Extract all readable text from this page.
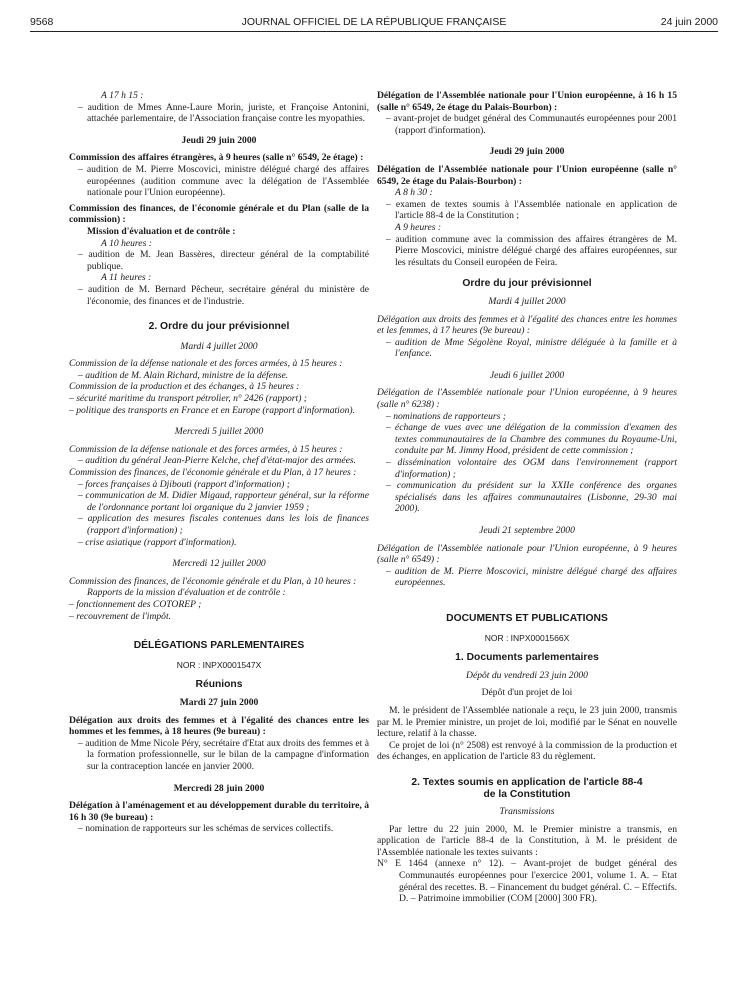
9568	JOURNAL OFFICIEL DE LA RÉPUBLIQUE FRANÇAISE	24 juin 2000

A 17 h 15 :

– audition de Mmes Anne-Laure Morin, juriste, et Françoise Antonini, attachée parlementaire, de l'Association française contre les myopathies.

Jeudi 29 juin 2000

Commission des affaires étrangères, à 9 heures (salle n° 6549, 2e étage) :

– audition de M. Pierre Moscovici, ministre délégué chargé des affaires européennes (audition commune avec la délégation de l'Assemblée nationale pour l'Union européenne).

Commission des finances, de l'économie générale et du Plan (salle de la commission) :

Mission d'évaluation et de contrôle :

A 10 heures :

– audition de M. Jean Bassères, directeur général de la comptabilité publique.

A 11 heures :

– audition de M. Bernard Pêcheur, secrétaire général du ministère de l'économie, des finances et de l'industrie.

2. Ordre du jour prévisionnel

Mardi 4 juillet 2000

Commission de la défense nationale et des forces armées, à 15 heures :

– audition de M. Alain Richard, ministre de la défense.

Commission de la production et des échanges, à 15 heures :

– sécurité maritime du transport pétrolier, n° 2426 (rapport) ;

– politique des transports en France et en Europe (rapport d'information).

Mercredi 5 juillet 2000

Commission de la défense nationale et des forces armées, à 15 heures :

– audition du général Jean-Pierre Kelche, chef d'état-major des armées.

Commission des finances, de l'économie générale et du Plan, à 17 heures :

– forces françaises à Djibouti (rapport d'information) ;

– communication de M. Didier Migaud, rapporteur général, sur la réforme de l'ordonnance portant loi organique du 2 janvier 1959 ;

– application des mesures fiscales contenues dans les lois de finances (rapport d'information) ;

– crise asiatique (rapport d'information).

Mercredi 12 juillet 2000

Commission des finances, de l'économie générale et du Plan, à 10 heures :

Rapports de la mission d'évaluation et de contrôle :

– fonctionnement des COTOREP ;

– recouvrement de l'impôt.

DÉLÉGATIONS PARLEMENTAIRES

NOR : INPX0001547X

Réunions

Mardi 27 juin 2000

Délégation aux droits des femmes et à l'égalité des chances entre les hommes et les femmes, à 18 heures (9e bureau) :

– audition de Mme Nicole Péry, secrétaire d'Etat aux droits des femmes et à la formation professionnelle, sur le bilan de la campagne d'information sur la contraception lancée en janvier 2000.

Mercredi 28 juin 2000

Délégation à l'aménagement et au développement durable du territoire, à 16 h 30 (9e bureau) :

– nomination de rapporteurs sur les schémas de services collectifs.

Délégation de l'Assemblée nationale pour l'Union européenne, à 16 h 15 (salle n° 6549, 2e étage du Palais-Bourbon) :

– avant-projet de budget général des Communautés européennes pour 2001 (rapport d'information).

Jeudi 29 juin 2000

Délégation de l'Assemblée nationale pour l'Union européenne (salle n° 6549, 2e étage du Palais-Bourbon) :

A 8 h 30 :

– examen de textes soumis à l'Assemblée nationale en application de l'article 88-4 de la Constitution ;

A 9 heures :

– audition commune avec la commission des affaires étrangères de M. Pierre Moscovici, ministre délégué chargé des affaires européennes, sur les résultats du Conseil européen de Feira.

Ordre du jour prévisionnel

Mardi 4 juillet 2000

Délégation aux droits des femmes et à l'égalité des chances entre les hommes et les femmes, à 17 heures (9e bureau) :

– audition de Mme Ségolène Royal, ministre déléguée à la famille et à l'enfance.

Jeudi 6 juillet 2000

Délégation de l'Assemblée nationale pour l'Union européenne, à 9 heures (salle n° 6238) :

– nominations de rapporteurs ;

– échange de vues avec une délégation de la commission d'examen des textes communautaires de la Chambre des communes du Royaume-Uni, conduite par M. Jimmy Hood, président de cette commission ;

– dissémination volontaire des OGM dans l'environnement (rapport d'information) ;

– communication du président sur la XXIIe conférence des organes spécialisés dans les affaires communautaires (Lisbonne, 29-30 mai 2000).

Jeudi 21 septembre 2000

Délégation de l'Assemblée nationale pour l'Union européenne, à 9 heures (salle n° 6549) :

– audition de M. Pierre Moscovici, ministre délégué chargé des affaires européennes.

DOCUMENTS ET PUBLICATIONS

NOR : INPX0001566X

1. Documents parlementaires

Dépôt du vendredi 23 juin 2000

Dépôt d'un projet de loi

M. le président de l'Assemblée nationale a reçu, le 23 juin 2000, transmis par M. le Premier ministre, un projet de loi, modifié par le Sénat en nouvelle lecture, relatif à la chasse.

Ce projet de loi (n° 2508) est renvoyé à la commission de la production et des échanges, en application de l'article 83 du règlement.

2. Textes soumis en application de l'article 88-4

de la Constitution

Transmissions

Par lettre du 22 juin 2000, M. le Premier ministre a transmis, en application de l'article 88-4 de la Constitution, à M. le président de l'Assemblée nationale les textes suivants :

N° E 1464 (annexe n° 12). – Avant-projet de budget général des Communautés européennes pour l'exercice 2001, volume 1. A. – Etat général des recettes. B. – Financement du budget général. C. – Effectifs. D. – Patrimoine immobilier (COM [2000] 300 FR).
